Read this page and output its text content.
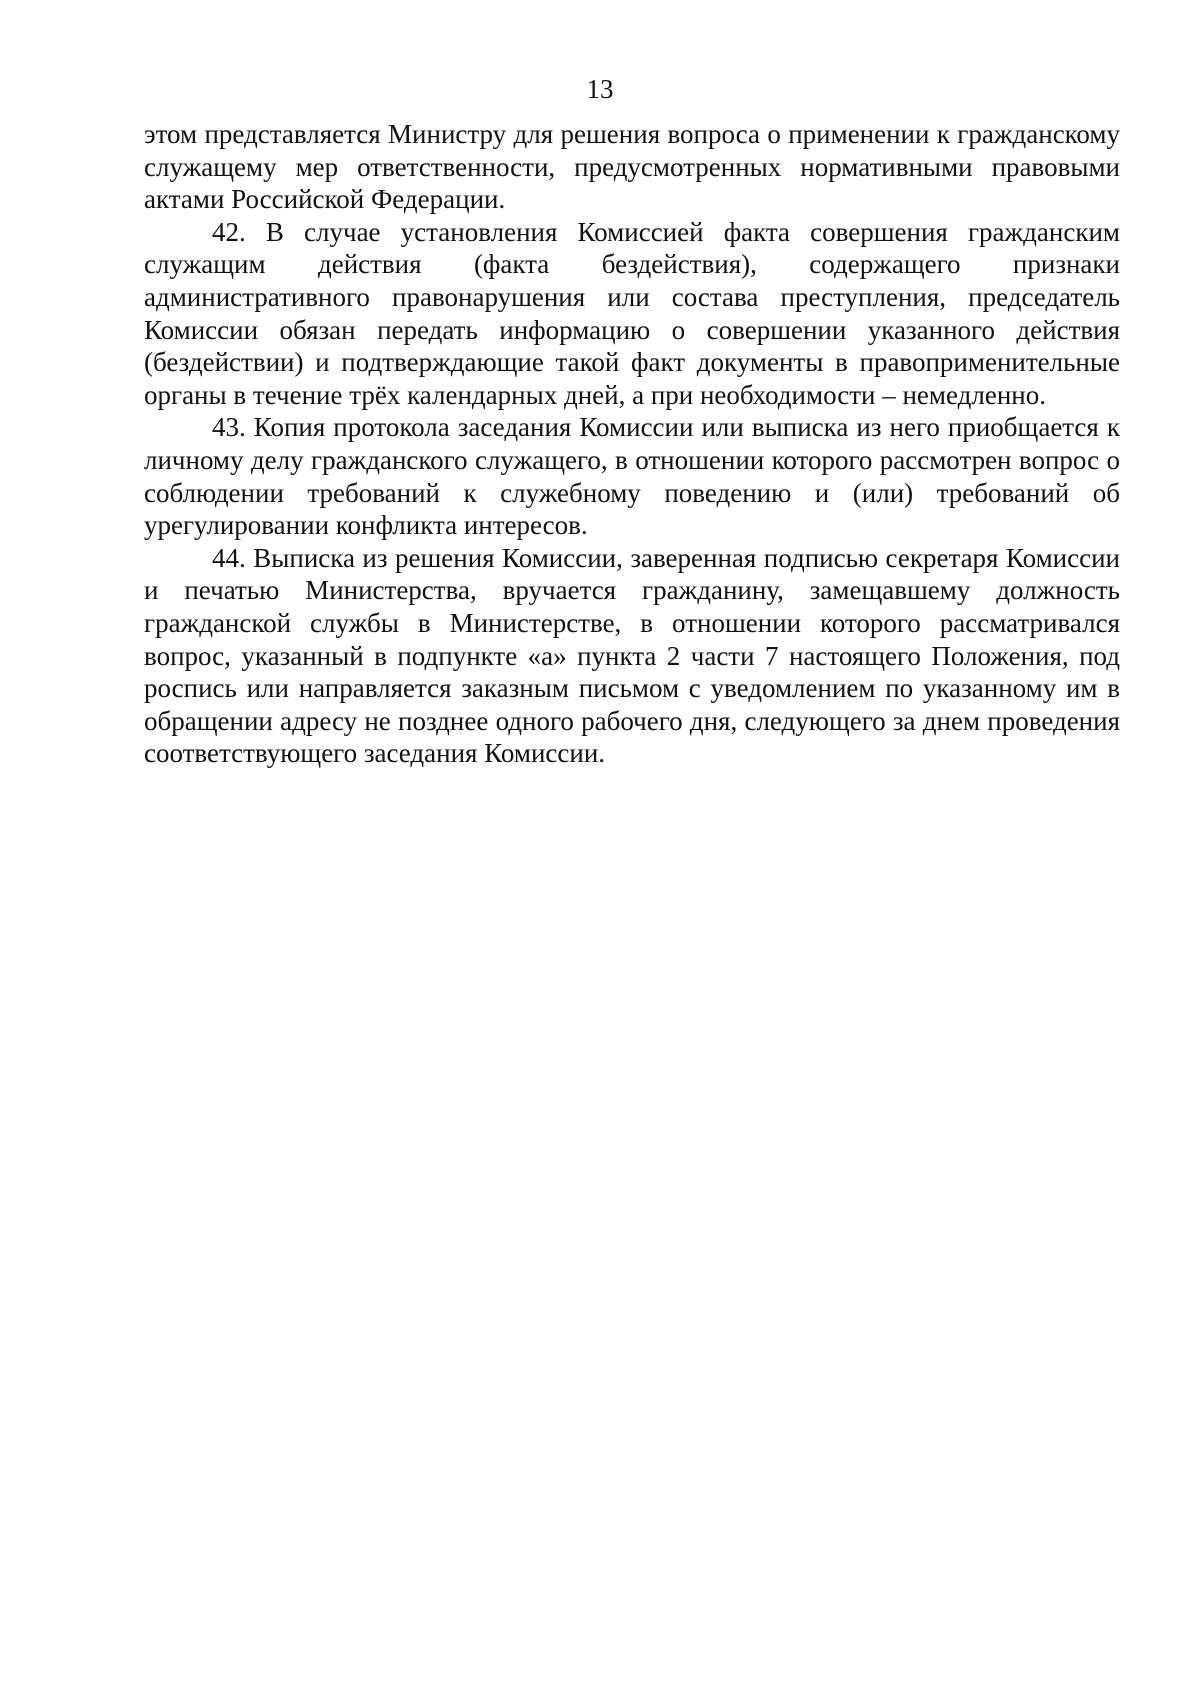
13

этом представляется Министру для решения вопроса о применении к гражданскому служащему мер ответственности, предусмотренных нормативными правовыми актами Российской Федерации.

42. В случае установления Комиссией факта совершения гражданским служащим действия (факта бездействия), содержащего признаки административного правонарушения или состава преступления, председатель Комиссии обязан передать информацию о совершении указанного действия (бездействии) и подтверждающие такой факт документы в правоприменительные органы в течение трёх календарных дней, а при необходимости – немедленно.

43. Копия протокола заседания Комиссии или выписка из него приобщается к личному делу гражданского служащего, в отношении которого рассмотрен вопрос о соблюдении требований к служебному поведению и (или) требований об урегулировании конфликта интересов.

44. Выписка из решения Комиссии, заверенная подписью секретаря Комиссии и печатью Министерства, вручается гражданину, замещавшему должность гражданской службы в Министерстве, в отношении которого рассматривался вопрос, указанный в подпункте «а» пункта 2 части 7 настоящего Положения, под роспись или направляется заказным письмом с уведомлением по указанному им в обращении адресу не позднее одного рабочего дня, следующего за днем проведения соответствующего заседания Комиссии.
